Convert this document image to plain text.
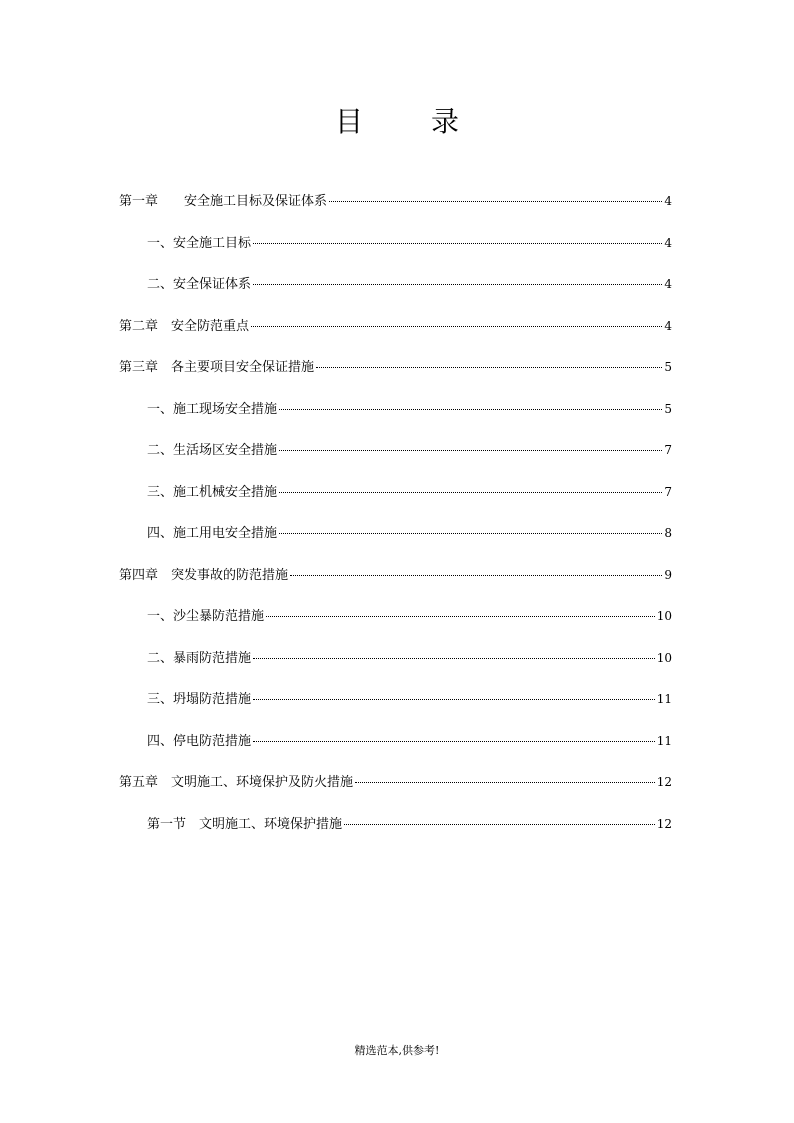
目 录
第一章　　安全施工目标及保证体系	4
一、安全施工目标	4
二、安全保证体系	4
第二章　安全防范重点	4
第三章　各主要项目安全保证措施	5
一、施工现场安全措施	5
二、生活场区安全措施	7
三、施工机械安全措施	7
四、施工用电安全措施	8
第四章　突发事故的防范措施	9
一、沙尘暴防范措施	10
二、暴雨防范措施	10
三、坍塌防范措施	11
四、停电防范措施	11
第五章　文明施工、环境保护及防火措施	12
第一节　文明施工、环境保护措施	12
精选范本,供参考!
